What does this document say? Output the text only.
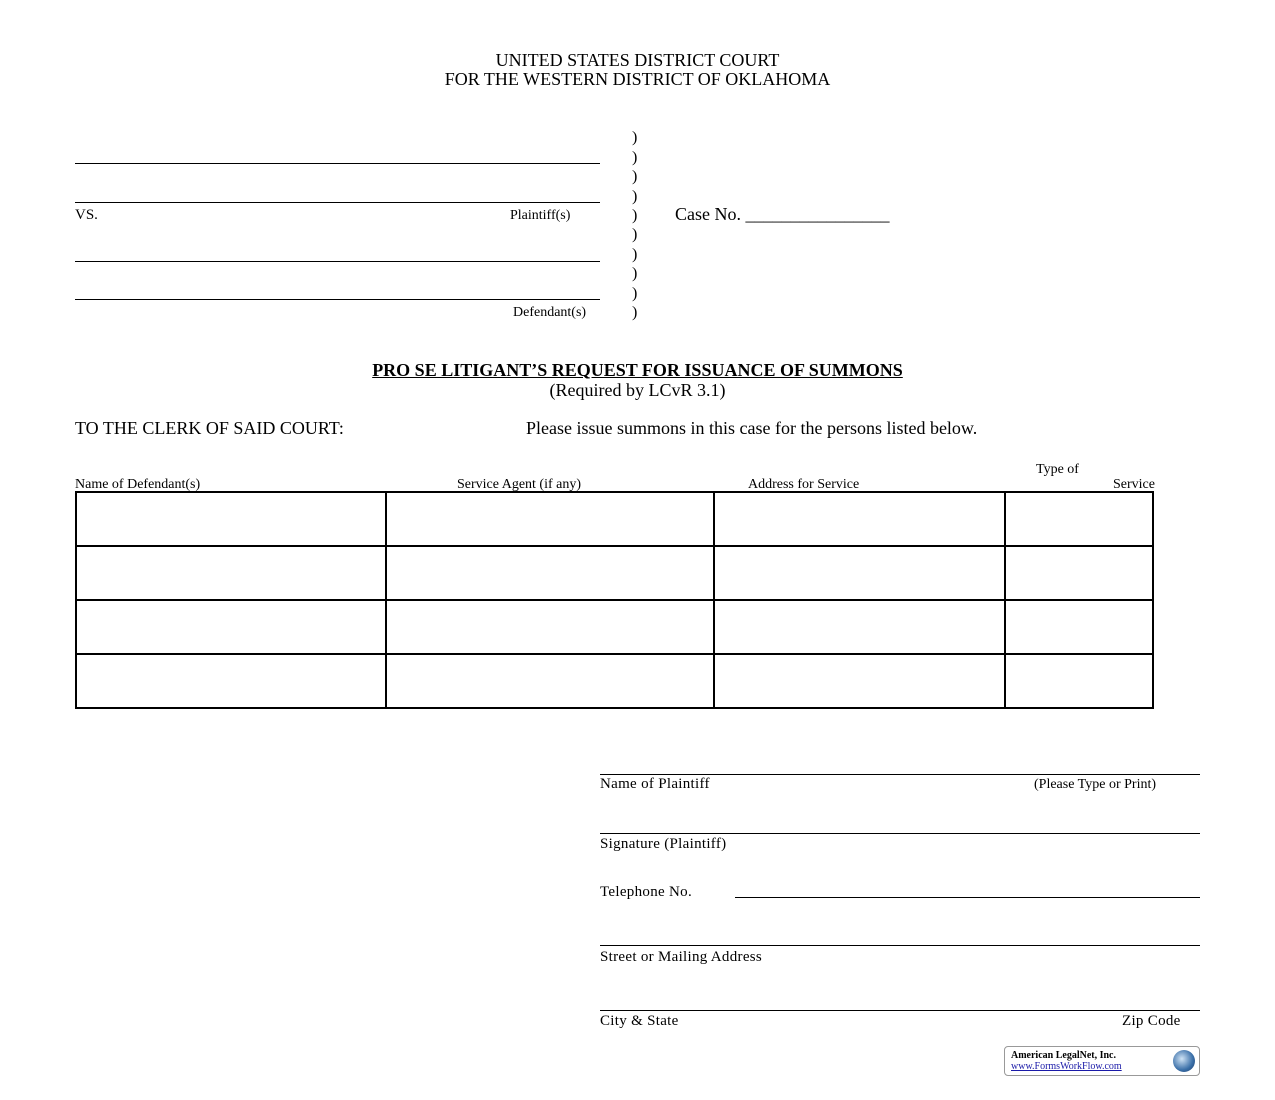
UNITED STATES DISTRICT COURT
FOR THE WESTERN DISTRICT OF OKLAHOMA
VS.	Plaintiff(s)
Defendant(s)
)
)
)
)
)
)
)
)
)
)
Case No. ________________
PRO SE LITIGANT’S REQUEST FOR ISSUANCE OF SUMMONS
(Required by LCvR 3.1)
TO THE CLERK OF SAID COURT:	Please issue summons in this case for the persons listed below.
Name of Defendant(s)	Service Agent (if any)	Address for Service
Type of
Service

Name of Plaintiff	(Please Type or Print)
Signature (Plaintiff)
Telephone No.
Street or Mailing Address
City & State	Zip Code
American LegalNet, Inc.
www.FormsWorkFlow.com
